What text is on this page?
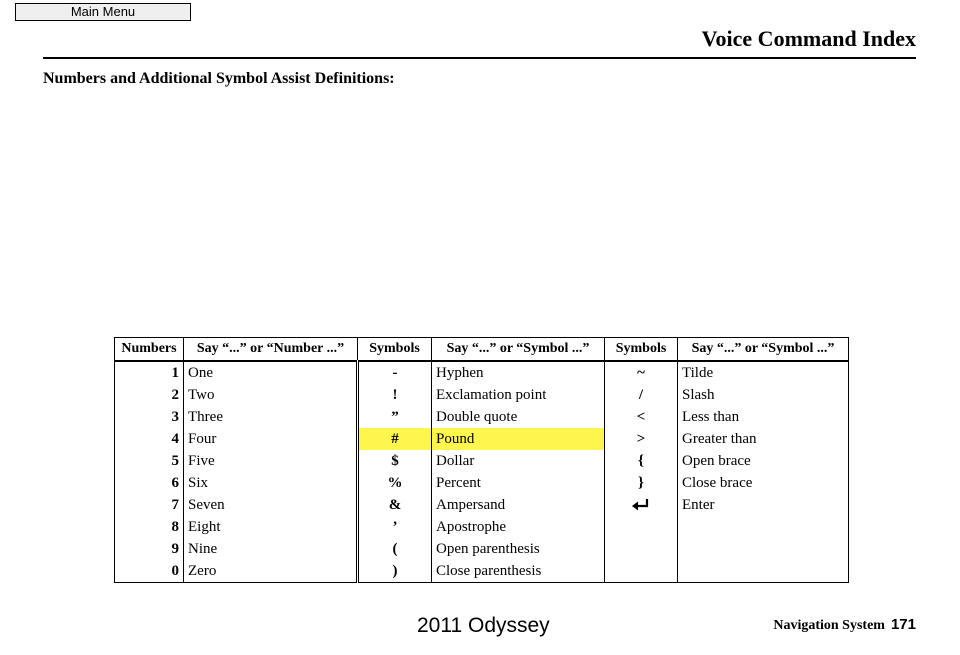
Main Menu
Voice Command Index
Numbers and Additional Symbol Assist Definitions:
Numbers	Say “...” or “Number ...”	Symbols	Say “...” or “Symbol ...”	Symbols	Say “...” or “Symbol ...”
1	One	-	Hyphen	~	Tilde
2	Two	!	Exclamation point	/	Slash
3	Three	”	Double quote	<	Less than
4	Four	#	Pound	>	Greater than
5	Five	$	Dollar	{	Open brace
6	Six	%	Percent	}	Close brace
7	Seven	&	Ampersand		Enter
8	Eight	’	Apostrophe		
9	Nine	(	Open parenthesis		
0	Zero	)	Close parenthesis		
2011 Odyssey	Navigation System 171
